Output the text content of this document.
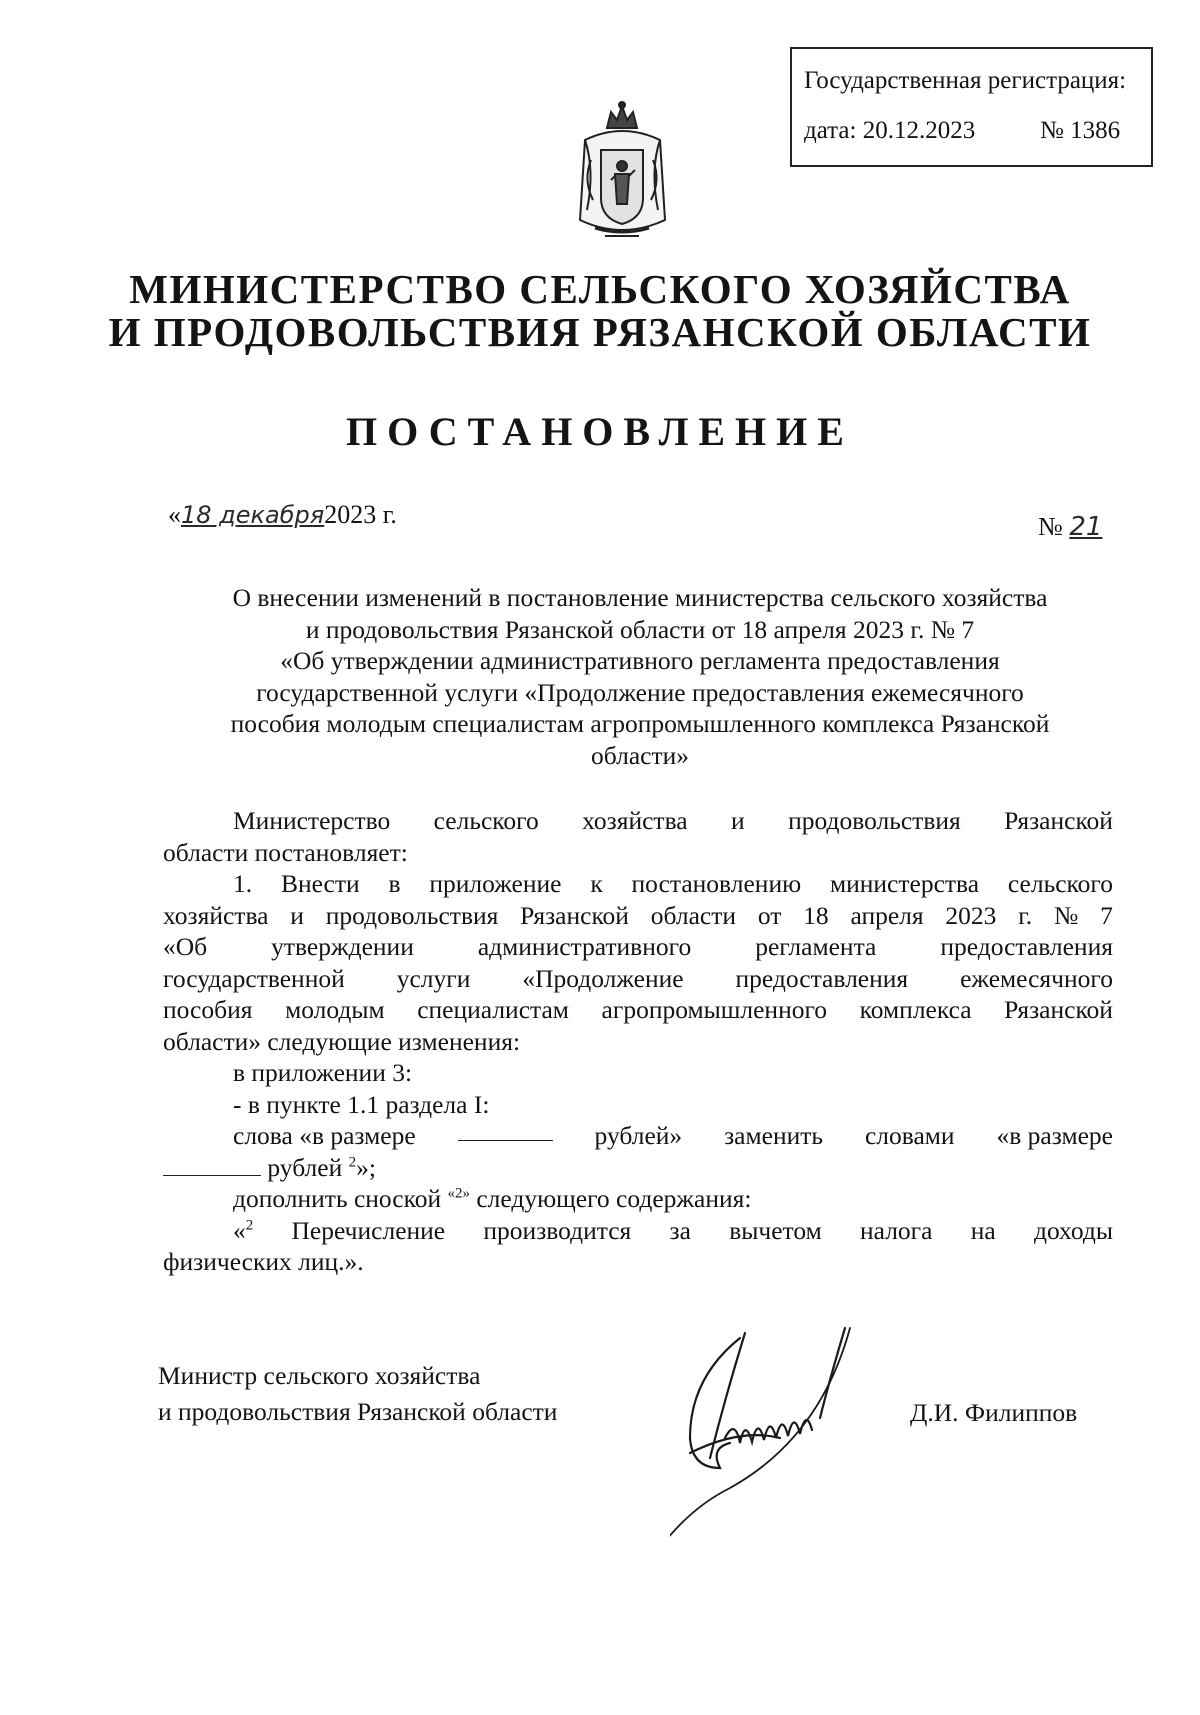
Государственная регистрация:
дата: 20.12.2023	№ 1386
МИНИСТЕРСТВО СЕЛЬСКОГО ХОЗЯЙСТВА
И ПРОДОВОЛЬСТВИЯ РЯЗАНСКОЙ ОБЛАСТИ
ПОСТАНОВЛЕНИЕ
«18 декабря2023 г.	№ 21
О внесении изменений в постановление министерства сельского хозяйства
и продовольствия Рязанской области от 18 апреля 2023 г. № 7
«Об утверждении административного регламента предоставления
государственной услуги «Продолжение предоставления ежемесячного
пособия молодым специалистам агропромышленного комплекса Рязанской
области»
Министерство сельского хозяйства и продовольствия Рязанской
области постановляет:
1. Внести в приложение к постановлению министерства сельского
хозяйства и продовольствия Рязанской области от 18 апреля 2023 г. № 7
«Об	утверждении	административного	регламента	предоставления
государственной услуги «Продолжение предоставления ежемесячного
пособия молодым специалистам агропромышленного комплекса Рязанской
области» следующие изменения:
в приложении 3:
- в пункте 1.1 раздела I:
слова «в размере	рублей» заменить словами «в размере
рублей $^2$»;
дополнить сноской $^{«2»}$ следующего содержания:
«$^2$ Перечисление производится за вычетом налога на доходы
физических лиц.».
Министр сельского хозяйства
и продовольствия Рязанской области	Д.И. Филиппов
